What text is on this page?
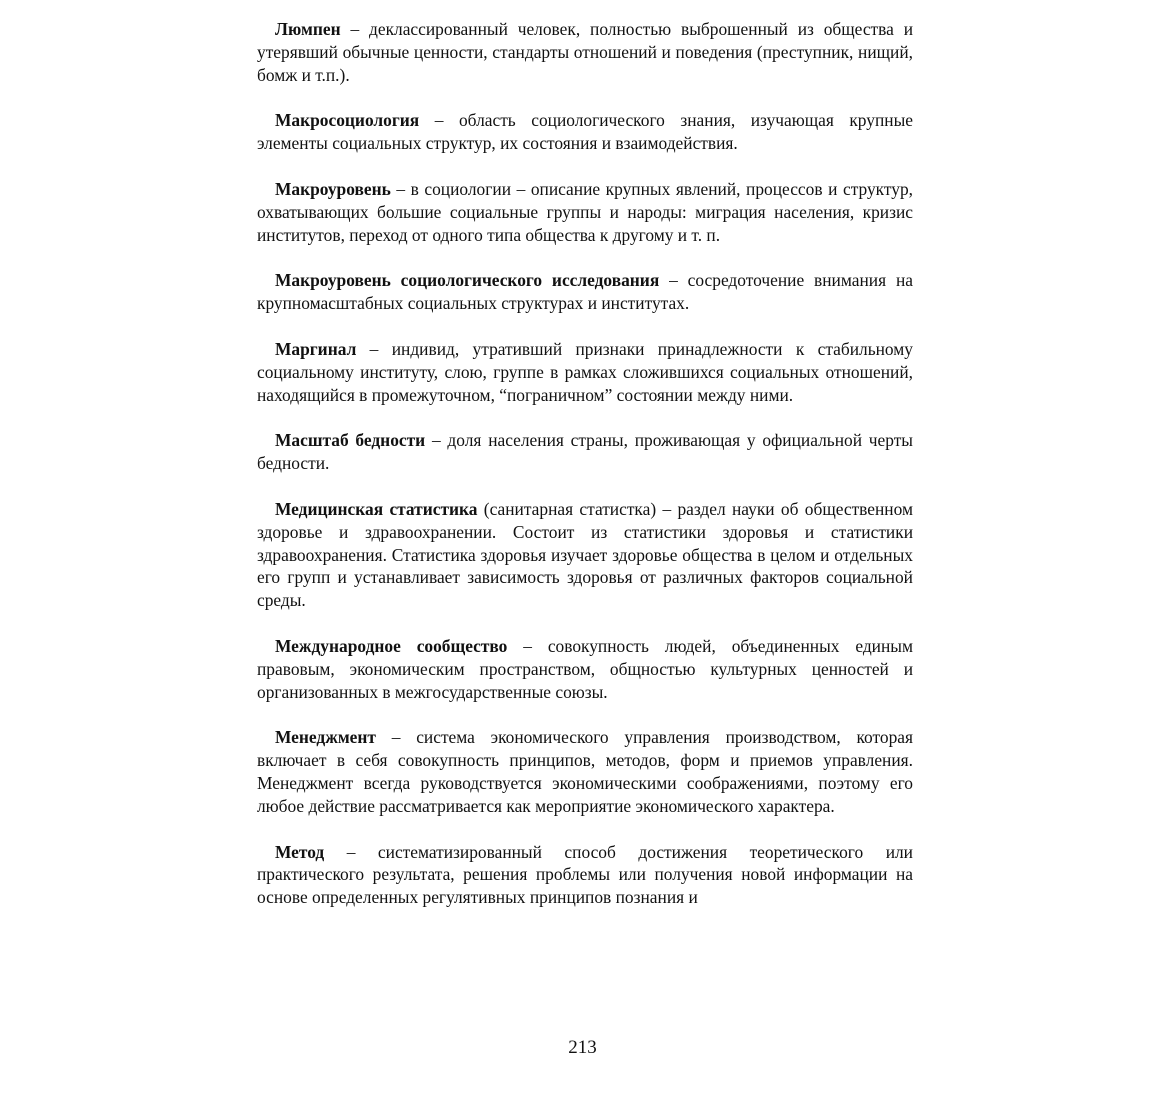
Люмпен – деклассированный человек, полностью выброшенный из общества и утерявший обычные ценности, стандарты отношений и поведения (преступник, нищий, бомж и т.п.).

Макросоциология – область социологического знания, изучающая крупные элементы социальных структур, их состояния и взаимодействия.

Макроуровень – в социологии – описание крупных явлений, процессов и структур, охватывающих большие социальные группы и народы: миграция населения, кризис институтов, переход от одного типа общества к другому и т. п.

Макроуровень социологического исследования – сосредоточение внимания на крупномасштабных социальных структурах и институтах.

Маргинал – индивид, утративший признаки принадлежности к стабильному социальному институту, слою, группе в рамках сложившихся социальных отношений, находящийся в промежуточном, “пограничном” состоянии между ними.

Масштаб бедности – доля населения страны, проживающая у официальной черты бедности.

Медицинская статистика (санитарная статистка) – раздел науки об общественном здоровье и здравоохранении. Состоит из статистики здоровья и статистики здравоохранения. Статистика здоровья изучает здоровье общества в целом и отдельных его групп и устанавливает зависимость здоровья от различных факторов социальной среды.

Международное сообщество – совокупность людей, объединенных единым правовым, экономическим пространством, общностью культурных ценностей и организованных в межгосударственные союзы.

Менеджмент – система экономического управления производством, которая включает в себя совокупность принципов, методов, форм и приемов управления. Менеджмент всегда руководствуется экономическими соображениями, поэтому его любое действие рассматривается как мероприятие экономического характера.

Метод – систематизированный способ достижения теоретического или практического результата, решения проблемы или получения новой информации на основе определенных регулятивных принципов познания и

213
